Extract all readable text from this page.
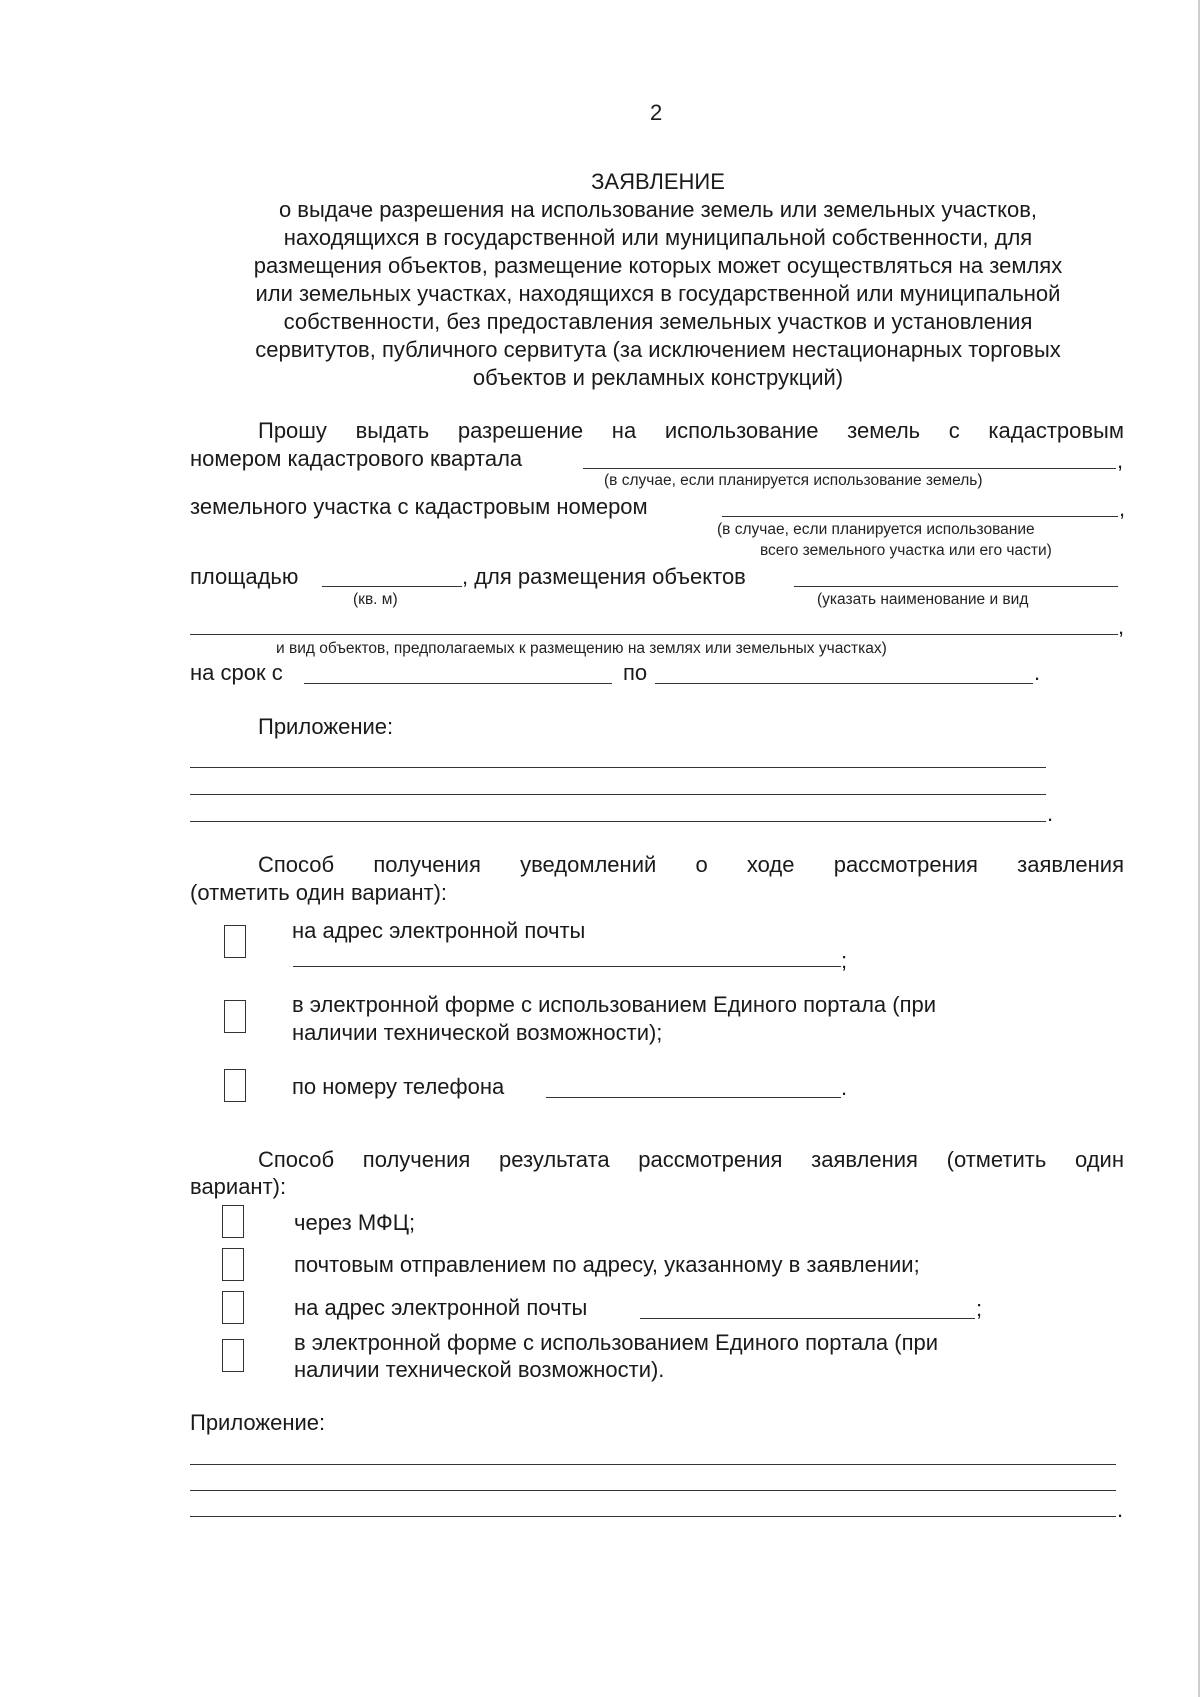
2
ЗАЯВЛЕНИЕ
о выдаче разрешения на использование земель или земельных участков,
находящихся в государственной или муниципальной собственности, для
размещения объектов, размещение которых может осуществляться на землях
или земельных участках, находящихся в государственной или муниципальной
собственности, без предоставления земельных участков и установления
сервитутов, публичного сервитута (за исключением нестационарных торговых
объектов и рекламных конструкций)
Прошу выдать разрешение на использование земель с кадастровым
номером кадастрового квартала	,
(в случае, если планируется использование земель)
земельного участка с кадастровым номером	,
(в случае, если планируется использование
всего земельного участка или его части)
площадью	, для размещения объектов
(кв. м)	(указать наименование и вид
,
и вид объектов, предполагаемых к размещению на землях или земельных участках)
на срок с	по	.
Приложение:
.
Способ получения уведомлений о ходе рассмотрения заявления
(отметить один вариант):
на адрес электронной почты
;
в электронной форме с использованием Единого портала (при
наличии технической возможности);
по номеру телефона	.
Способ получения результата рассмотрения заявления (отметить один
вариант):
через МФЦ;
почтовым отправлением по адресу, указанному в заявлении;
на адрес электронной почты	;
в электронной форме с использованием Единого портала (при
наличии технической возможности).
Приложение:
.
